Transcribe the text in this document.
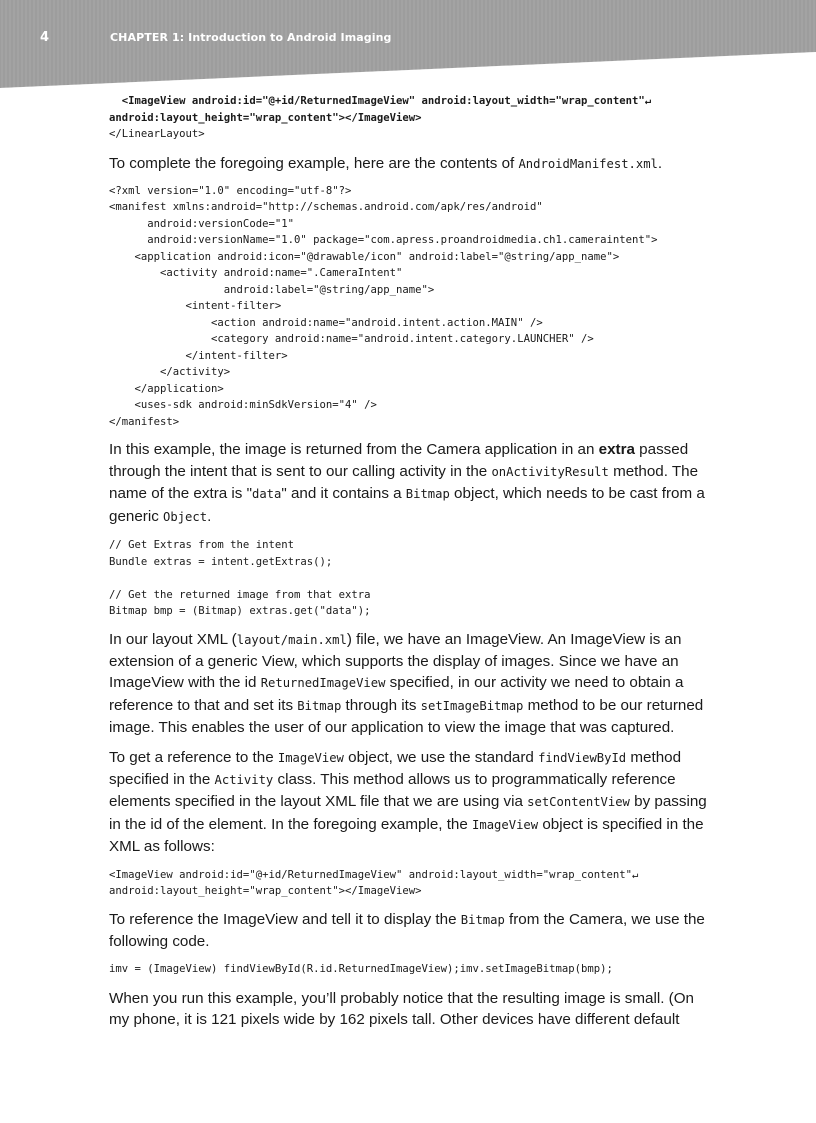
4	CHAPTER 1: Introduction to Android Imaging
<ImageView android:id="@+id/ReturnedImageView" android:layout_width="wrap_content"↵
android:layout_height="wrap_content"></ImageView>
</LinearLayout>

To complete the foregoing example, here are the contents of AndroidManifest.xml.

<?xml version="1.0" encoding="utf-8"?>
<manifest xmlns:android="http://schemas.android.com/apk/res/android"
android:versionCode="1"
android:versionName="1.0" package="com.apress.proandroidmedia.ch1.cameraintent">
<application android:icon="@drawable/icon" android:label="@string/app_name">
<activity android:name=".CameraIntent"
android:label="@string/app_name">
<intent-filter>
<action android:name="android.intent.action.MAIN" />
<category android:name="android.intent.category.LAUNCHER" />
</intent-filter>
</activity>
</application>
<uses-sdk android:minSdkVersion="4" />
</manifest>

In this example, the image is returned from the Camera application in an extra passed through the intent that is sent to our calling activity in the onActivityResult method. The name of the extra is "data" and it contains a Bitmap object, which needs to be cast from a generic Object.

// Get Extras from the intent
Bundle extras = intent.getExtras();

// Get the returned image from that extra
Bitmap bmp = (Bitmap) extras.get("data");

In our layout XML (layout/main.xml) file, we have an ImageView. An ImageView is an extension of a generic View, which supports the display of images. Since we have an ImageView with the id ReturnedImageView specified, in our activity we need to obtain a reference to that and set its Bitmap through its setImageBitmap method to be our returned image. This enables the user of our application to view the image that was captured.

To get a reference to the ImageView object, we use the standard findViewById method specified in the Activity class. This method allows us to programmatically reference elements specified in the layout XML file that we are using via setContentView by passing in the id of the element. In the foregoing example, the ImageView object is specified in the XML as follows:

<ImageView android:id="@+id/ReturnedImageView" android:layout_width="wrap_content"↵
android:layout_height="wrap_content"></ImageView>

To reference the ImageView and tell it to display the Bitmap from the Camera, we use the following code.

imv = (ImageView) findViewById(R.id.ReturnedImageView);imv.setImageBitmap(bmp);

When you run this example, you’ll probably notice that the resulting image is small. (On my phone, it is 121 pixels wide by 162 pixels tall. Other devices have different default
